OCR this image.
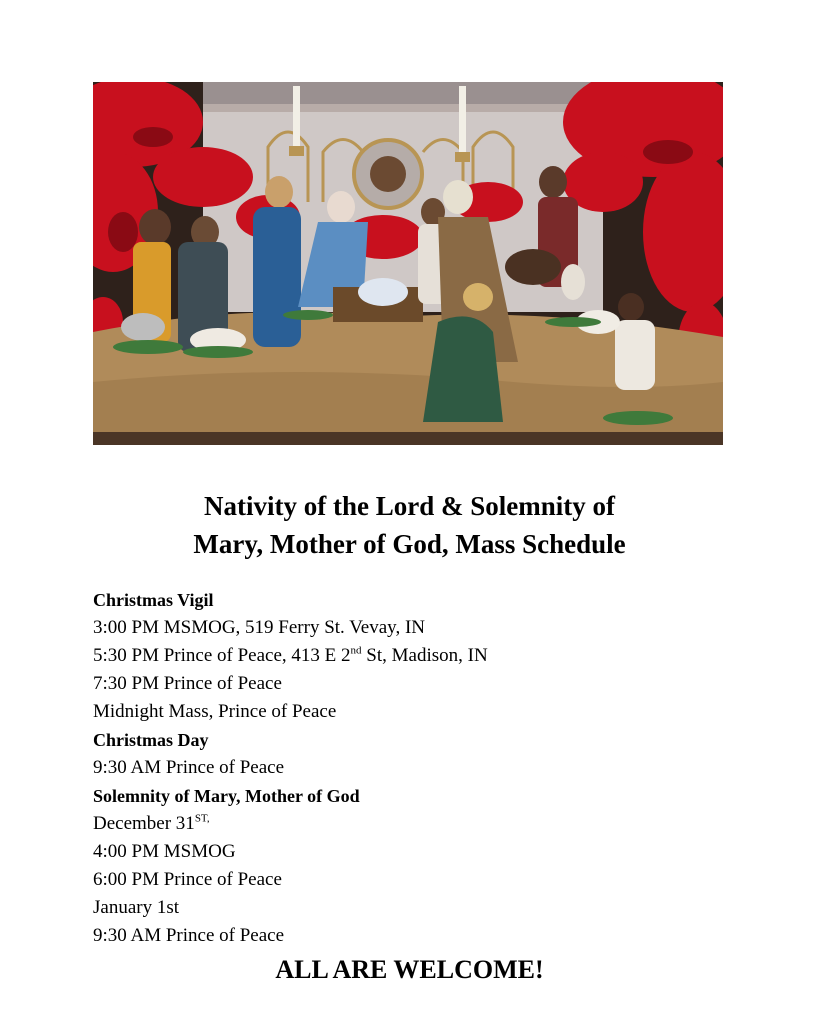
Nativity of the Lord & Solemnity of
Mary, Mother of God, Mass Schedule
Christmas Vigil
3:00 PM MSMOG, 519 Ferry St. Vevay, IN
5:30 PM Prince of Peace, 413 E 2nd St, Madison, IN
7:30 PM Prince of Peace
Midnight Mass, Prince of Peace
Christmas Day
9:30 AM Prince of Peace
Solemnity of Mary, Mother of God
December $31^{ST,}$
4:00 PM MSMOG
6:00 PM Prince of Peace
January 1st
9:30 AM Prince of Peace
ALL ARE WELCOME!
